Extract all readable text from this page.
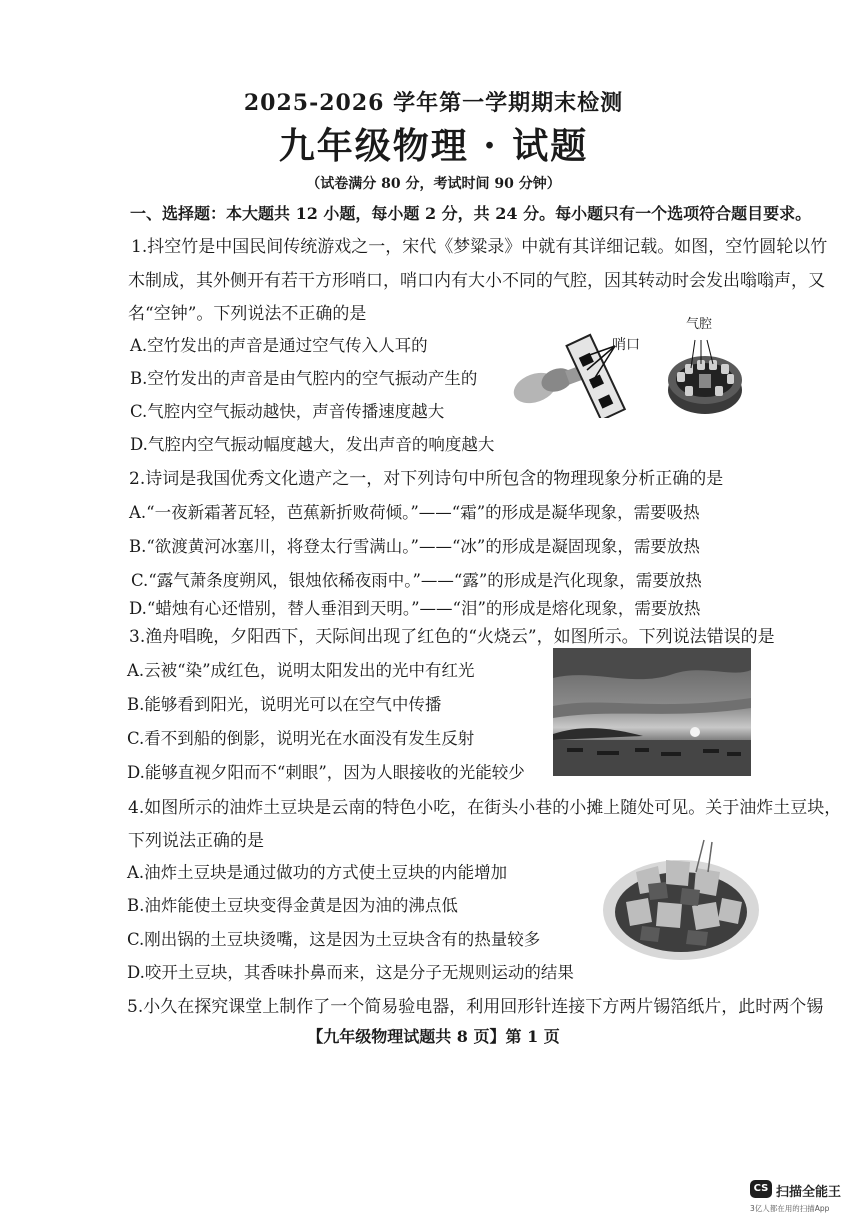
2025-2026 学年第一学期期末检测
九年级物理 · 试题
（试卷满分 80 分，考试时间 90 分钟）
一、选择题：本大题共 12 小题，每小题 2 分，共 24 分。每小题只有一个选项符合题目要求。
1.抖空竹是中国民间传统游戏之一，宋代《梦粱录》中就有其详细记载。如图，空竹圆轮以竹
木制成，其外侧开有若干方形哨口，哨口内有大小不同的气腔，因其转动时会发出嗡嗡声，又
名“空钟”。下列说法不正确的是
A.空竹发出的声音是通过空气传入人耳的
B.空竹发出的声音是由气腔内的空气振动产生的
C.气腔内空气振动越快，声音传播速度越大
D.气腔内空气振动幅度越大，发出声音的响度越大
哨口
气腔
2.诗词是我国优秀文化遗产之一，对下列诗句中所包含的物理现象分析正确的是
A.“一夜新霜著瓦轻，芭蕉新折败荷倾。”——“霜”的形成是凝华现象，需要吸热
B.“欲渡黄河冰塞川，将登太行雪满山。”——“冰”的形成是凝固现象，需要放热
C.“露气萧条度朔风，银烛依稀夜雨中。”——“露”的形成是汽化现象，需要放热
D.“蜡烛有心还惜别，替人垂泪到天明。”——“泪”的形成是熔化现象，需要放热
3.渔舟唱晚，夕阳西下，天际间出现了红色的“火烧云”，如图所示。下列说法错误的是
A.云被“染”成红色，说明太阳发出的光中有红光
B.能够看到阳光，说明光可以在空气中传播
C.看不到船的倒影，说明光在水面没有发生反射
D.能够直视夕阳而不“刺眼”，因为人眼接收的光能较少
4.如图所示的油炸土豆块是云南的特色小吃，在街头小巷的小摊上随处可见。关于油炸土豆块，
下列说法正确的是
A.油炸土豆块是通过做功的方式使土豆块的内能增加
B.油炸能使土豆块变得金黄是因为油的沸点低
C.刚出锅的土豆块烫嘴，这是因为土豆块含有的热量较多
D.咬开土豆块，其香味扑鼻而来，这是分子无规则运动的结果
5.小久在探究课堂上制作了一个简易验电器，利用回形针连接下方两片锡箔纸片，此时两个锡
【九年级物理试题共 8 页】第 1 页
CS 扫描全能王
3亿人都在用的扫描App
